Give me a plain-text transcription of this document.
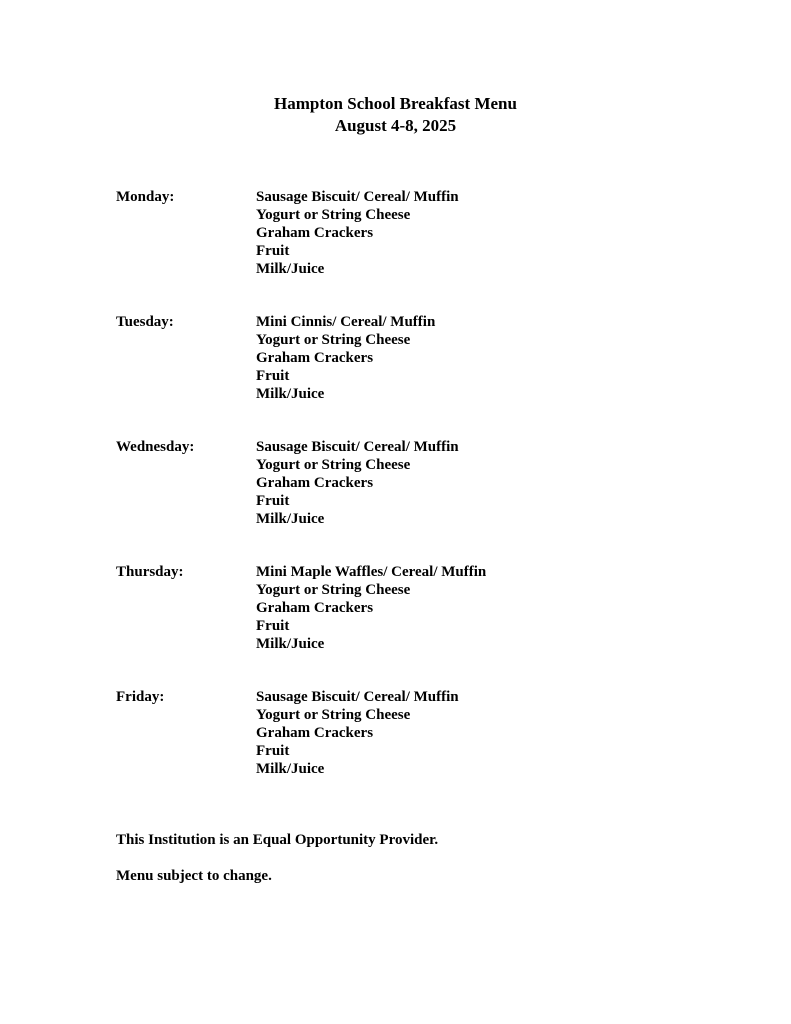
Hampton School Breakfast Menu
August 4-8, 2025
Monday:	Sausage Biscuit/ Cereal/ Muffin
Yogurt or String Cheese
Graham Crackers
Fruit
Milk/Juice
Tuesday:	Mini Cinnis/ Cereal/ Muffin
Yogurt or String Cheese
Graham Crackers
Fruit
Milk/Juice
Wednesday:	Sausage Biscuit/ Cereal/ Muffin
Yogurt or String Cheese
Graham Crackers
Fruit
Milk/Juice
Thursday:	Mini Maple Waffles/ Cereal/ Muffin
Yogurt or String Cheese
Graham Crackers
Fruit
Milk/Juice
Friday:	Sausage Biscuit/ Cereal/ Muffin
Yogurt or String Cheese
Graham Crackers
Fruit
Milk/Juice

This Institution is an Equal Opportunity Provider.

Menu subject to change.
